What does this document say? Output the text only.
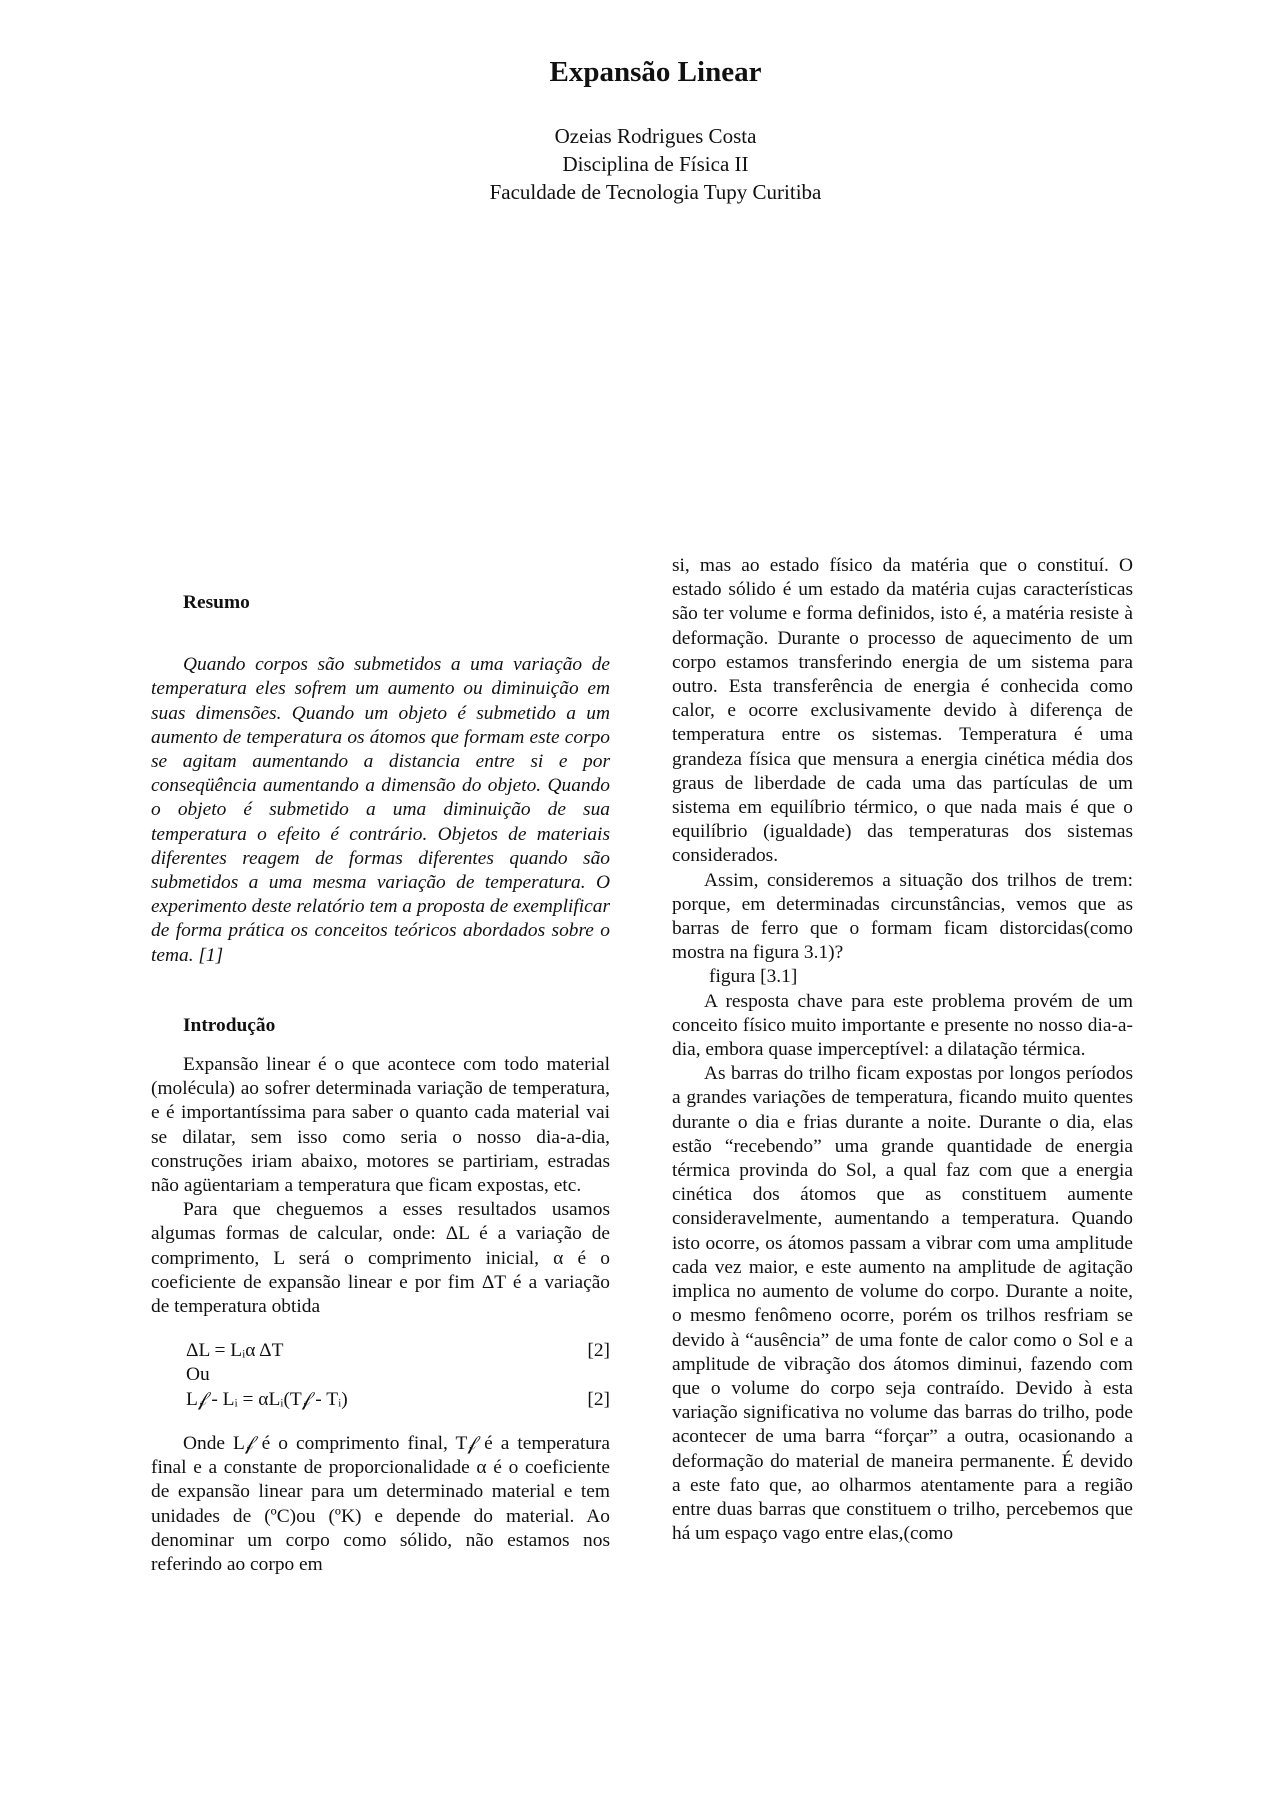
Expansão Linear
Ozeias Rodrigues Costa
Disciplina de Física II
Faculdade de Tecnologia Tupy Curitiba

Resumo

Quando corpos são submetidos a uma variação de temperatura eles sofrem um aumento ou diminuição em suas dimensões. Quando um objeto é submetido a um aumento de temperatura os átomos que formam este corpo se agitam aumentando a distancia entre si e por conseqüência aumentando a dimensão do objeto. Quando o objeto é submetido a uma diminuição de sua temperatura o efeito é contrário. Objetos de materiais diferentes reagem de formas diferentes quando são submetidos a uma mesma variação de temperatura. O experimento deste relatório tem a proposta de exemplificar de forma prática os conceitos teóricos abordados sobre o tema. [1]

Introdução

Expansão linear é o que acontece com todo material (molécula) ao sofrer determinada variação de temperatura, e é importantíssima para saber o quanto cada material vai se dilatar, sem isso como seria o nosso dia-a-dia, construções iriam abaixo, motores se partiriam, estradas não agüentariam a temperatura que ficam expostas, etc.

Para que cheguemos a esses resultados usamos algumas formas de calcular, onde: ΔL é a variação de comprimento, L será o comprimento inicial, α é o coeficiente de expansão linear e por fim ΔT é a variação de temperatura obtida

ΔL = Lᵢα ΔT	[2]
Ou
L𝒻 - Lᵢ = αLᵢ(T𝒻 - Tᵢ)	[2]

Onde L𝒻 é o comprimento final, T𝒻 é a temperatura final e a constante de proporcionalidade α é o coeficiente de expansão linear para um determinado material e tem unidades de (ºC)ou (ºK) e depende do material. Ao denominar um corpo como sólido, não estamos nos referindo ao corpo em

si, mas ao estado físico da matéria que o constituí. O estado sólido é um estado da matéria cujas características são ter volume e forma definidos, isto é, a matéria resiste à deformação. Durante o processo de aquecimento de um corpo estamos transferindo energia de um sistema para outro. Esta transferência de energia é conhecida como calor, e ocorre exclusivamente devido à diferença de temperatura entre os sistemas. Temperatura é uma grandeza física que mensura a energia cinética média dos graus de liberdade de cada uma das partículas de um sistema em equilíbrio térmico, o que nada mais é que o equilíbrio (igualdade) das temperaturas dos sistemas considerados.

Assim, consideremos a situação dos trilhos de trem: porque, em determinadas circunstâncias, vemos que as barras de ferro que o formam ficam distorcidas(como mostra na figura 3.1)?

figura [3.1]

A resposta chave para este problema provém de um conceito físico muito importante e presente no nosso dia-a-dia, embora quase imperceptível: a dilatação térmica.

As barras do trilho ficam expostas por longos períodos a grandes variações de temperatura, ficando muito quentes durante o dia e frias durante a noite. Durante o dia, elas estão “recebendo” uma grande quantidade de energia térmica provinda do Sol, a qual faz com que a energia cinética dos átomos que as constituem aumente consideravelmente, aumentando a temperatura. Quando isto ocorre, os átomos passam a vibrar com uma amplitude cada vez maior, e este aumento na amplitude de agitação implica no aumento de volume do corpo. Durante a noite, o mesmo fenômeno ocorre, porém os trilhos resfriam se devido à “ausência” de uma fonte de calor como o Sol e a amplitude de vibração dos átomos diminui, fazendo com que o volume do corpo seja contraído. Devido à esta variação significativa no volume das barras do trilho, pode acontecer de uma barra “forçar” a outra, ocasionando a deformação do material de maneira permanente. É devido a este fato que, ao olharmos atentamente para a região entre duas barras que constituem o trilho, percebemos que há um espaço vago entre elas,(como
